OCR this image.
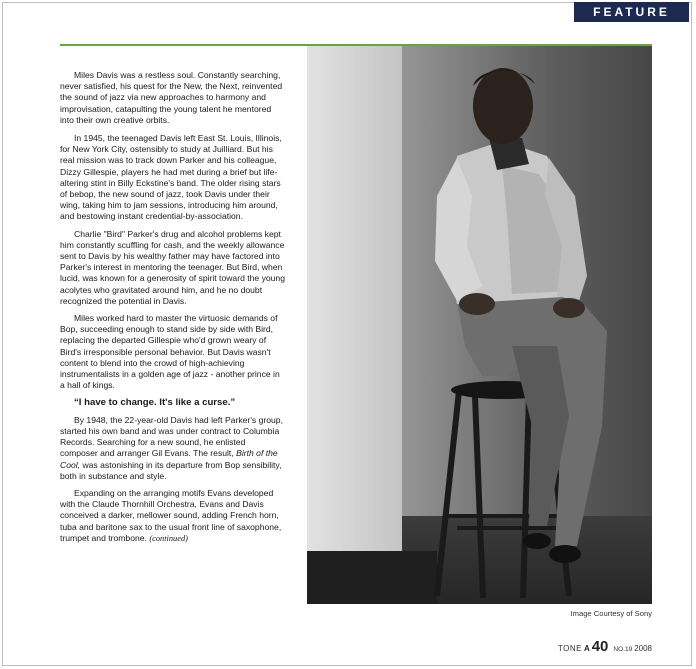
FEATURE

Miles Davis was a restless soul. Constantly searching, never satisfied, his quest for the New, the Next, reinvented the sound of jazz via new approaches to harmony and improvisation, catapulting the young talent he mentored into their own creative orbits.

In 1945, the teenaged Davis left East St. Louis, Illinois, for New York City, ostensibly to study at Juilliard. But his real mission was to track down Parker and his colleague, Dizzy Gillespie, players he had met during a brief but life-altering stint in Billy Eckstine's band. The older rising stars of bebop, the new sound of jazz, took Davis under their wing, taking him to jam sessions, introducing him around, and bestowing instant credential-by-association.

Charlie "Bird" Parker's drug and alcohol problems kept him constantly scuffling for cash, and the weekly allowance sent to Davis by his wealthy father may have factored into Parker's interest in mentoring the teenager. But Bird, when lucid, was known for a generosity of spirit toward the young acolytes who gravitated around him, and he no doubt recognized the potential in Davis.

Miles worked hard to master the virtuosic demands of Bop, succeeding enough to stand side by side with Bird, replacing the departed Gillespie who'd grown weary of Bird's irresponsible personal behavior. But Davis wasn't content to blend into the crowd of high-achieving instrumentalists in a golden age of jazz - another prince in a hall of kings.

“I have to change. It's like a curse.”

By 1948, the 22-year-old Davis had left Parker's group, started his own band and was under contract to Columbia Records. Searching for a new sound, he enlisted composer and arranger Gil Evans. The result, Birth of the Cool, was astonishing in its departure from Bop sensibility, both in substance and style.

Expanding on the arranging motifs Evans developed with the Claude Thornhill Orchestra, Evans and Davis conceived a darker, mellower sound, adding French horn, tuba and baritone sax to the usual front line of saxophone, trumpet and trombone. (continued)

Image Courtesy of Sony
TONE A 40 NO.19 2008
